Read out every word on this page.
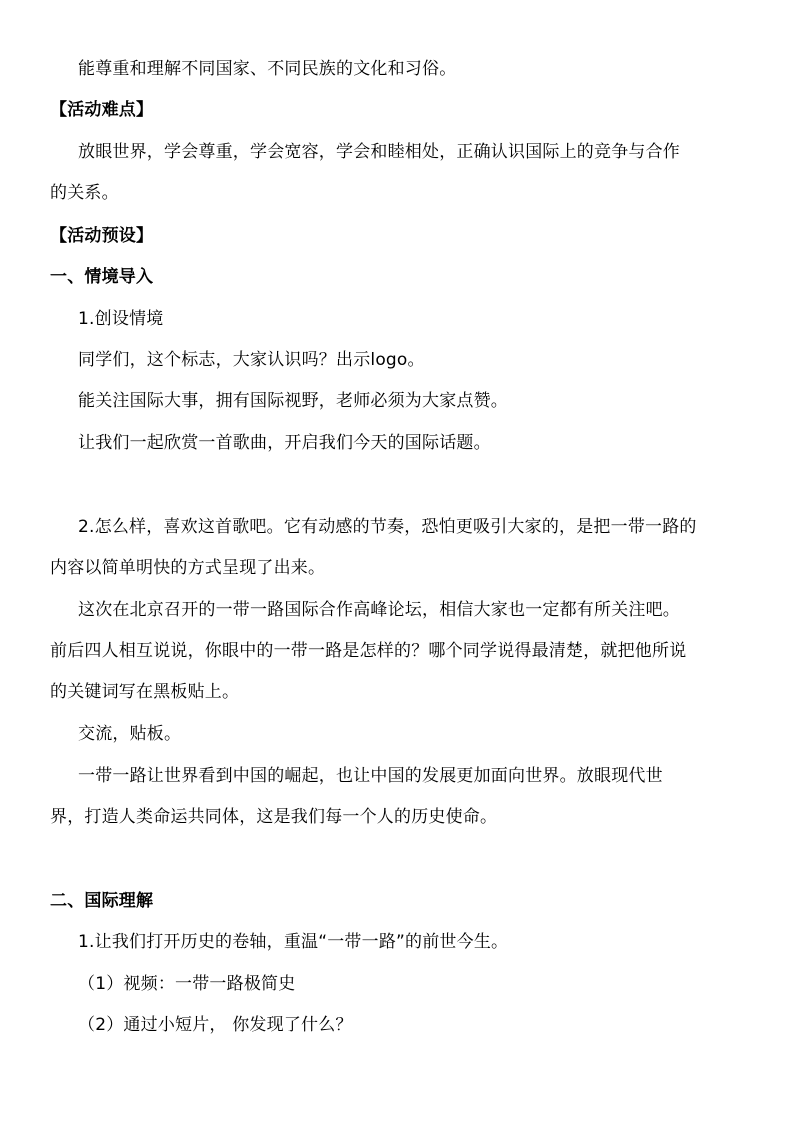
能尊重和理解不同国家、不同民族的文化和习俗。
【活动难点】
放眼世界，学会尊重，学会宽容，学会和睦相处，正确认识国际上的竞争与合作
的关系。
【活动预设】
一、情境导入
1.创设情境
同学们，这个标志，大家认识吗？出示logo。
能关注国际大事，拥有国际视野，老师必须为大家点赞。
让我们一起欣赏一首歌曲，开启我们今天的国际话题。
2.怎么样，喜欢这首歌吧。它有动感的节奏，恐怕更吸引大家的，是把一带一路的
内容以简单明快的方式呈现了出来。
这次在北京召开的一带一路国际合作高峰论坛，相信大家也一定都有所关注吧。
前后四人相互说说，你眼中的一带一路是怎样的？哪个同学说得最清楚，就把他所说
的关键词写在黑板贴上。
交流，贴板。
一带一路让世界看到中国的崛起，也让中国的发展更加面向世界。放眼现代世
界，打造人类命运共同体，这是我们每一个人的历史使命。
二、国际理解
1.让我们打开历史的卷轴，重温“一带一路”的前世今生。
（1）视频：一带一路极简史
（2）通过小短片， 你发现了什么？
